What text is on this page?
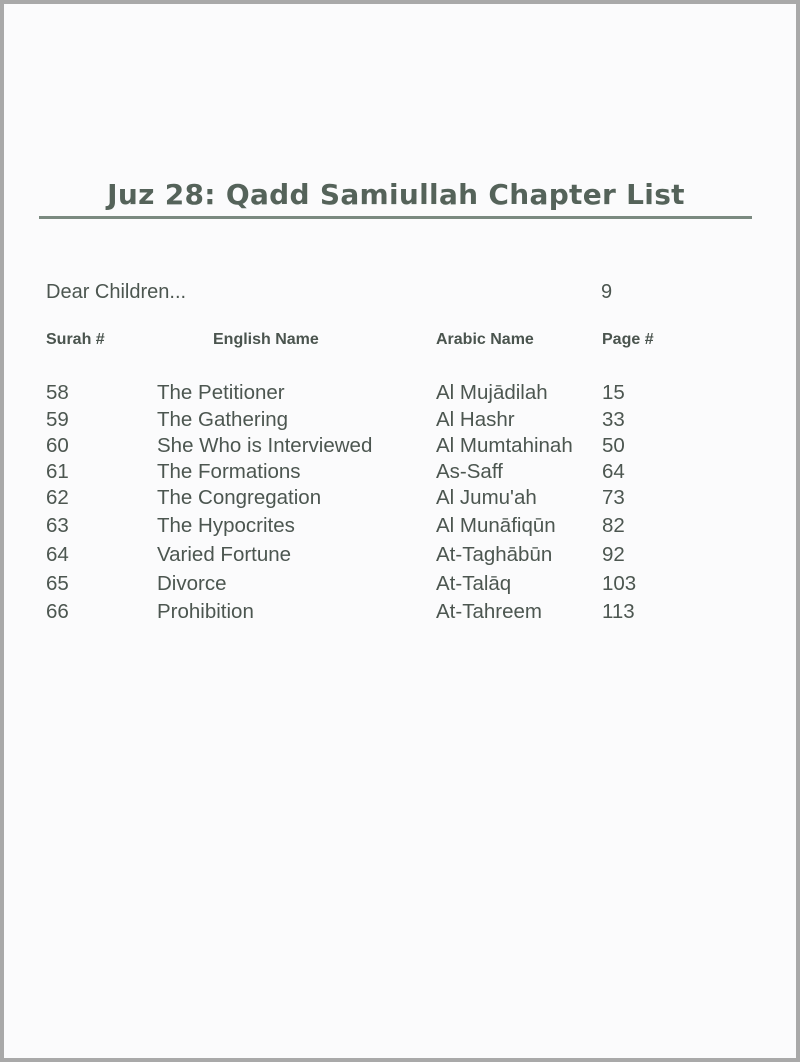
Juz 28: Qadd Samiullah Chapter List
Dear Children...	9
Surah #	English Name	Arabic Name	Page #
58	The Petitioner	Al Mujādilah	15
59	The Gathering	Al Hashr	33
60	She Who is Interviewed	Al Mumtahinah 50
61	The Formations	As-Saff	64
62	The Congregation	Al Jumu'ah	73
63	The Hypocrites	Al Munāfiqūn 82
64	Varied Fortune	At-Taghābūn 92
65	Divorce	At-Talāq	103
66	Prohibition	At-Tahreem	113
